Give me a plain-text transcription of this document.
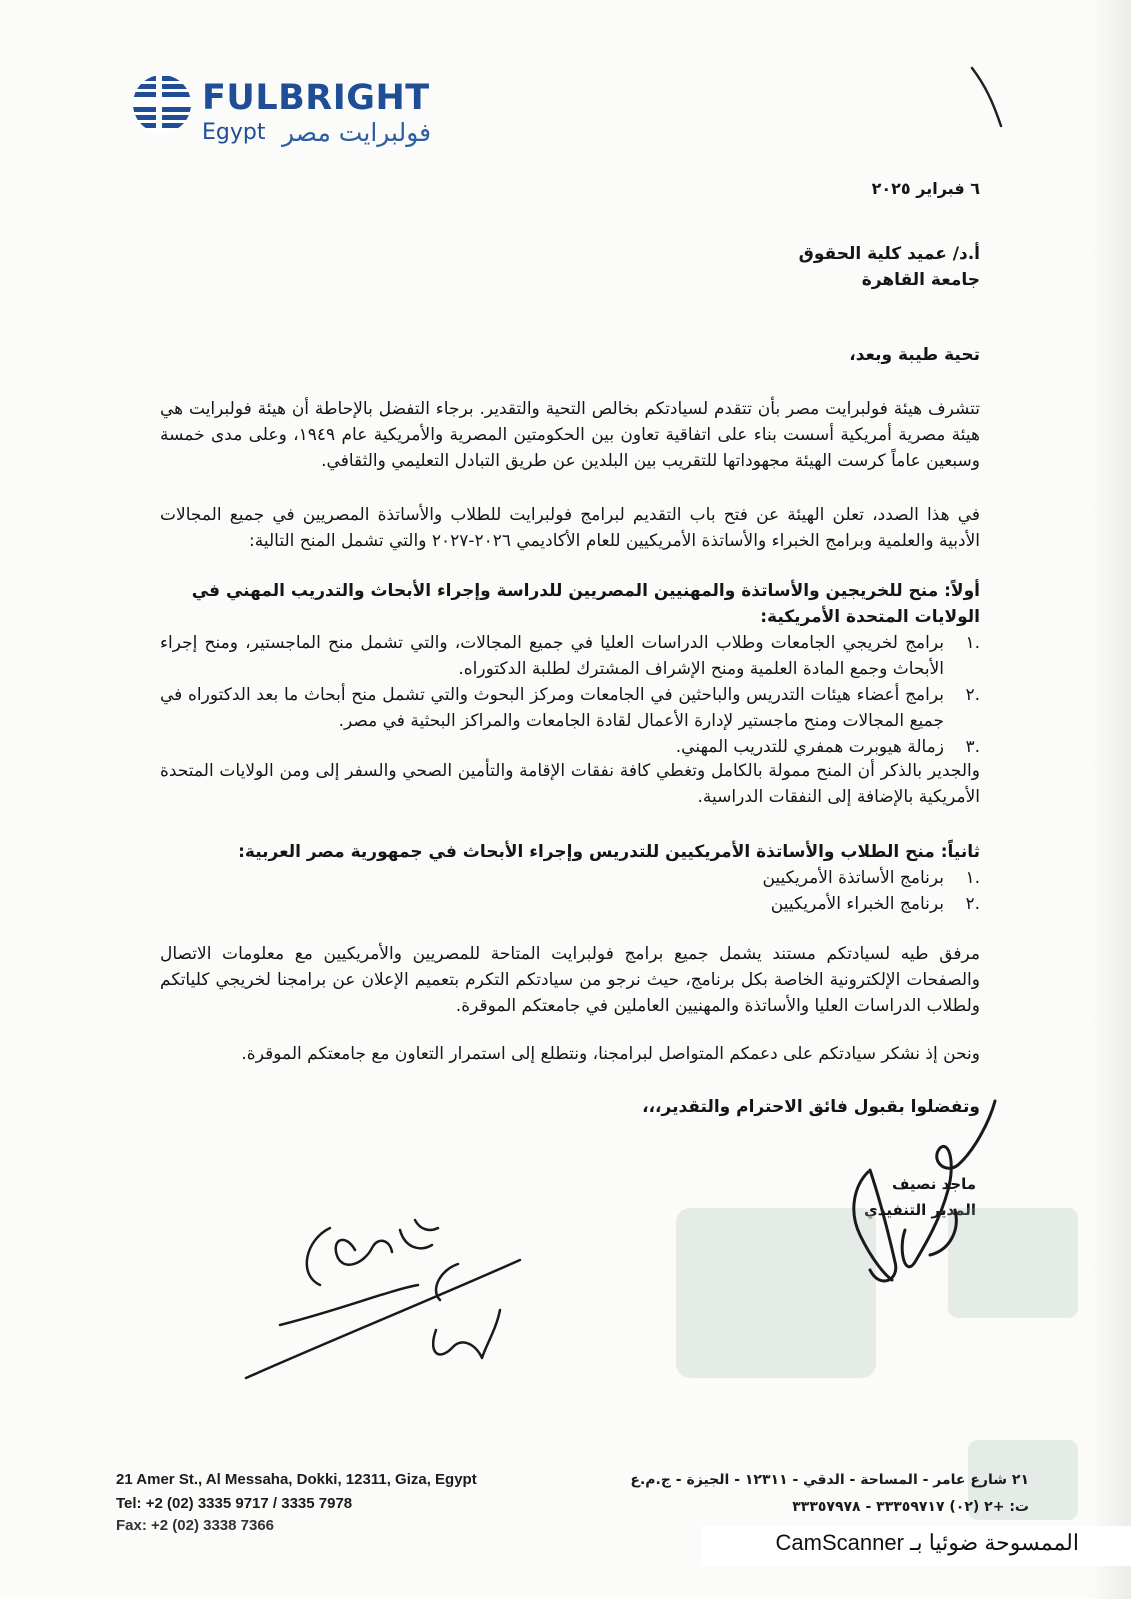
FULBRIGHT
Egypt فولبرايت مصر
٦ فبراير ٢٠٢٥
أ.د/ عميد كلية الحقوق
جامعة القاهرة
تحية طيبة وبعد،
تتشرف هيئة فولبرايت مصر بأن تتقدم لسيادتكم بخالص التحية والتقدير. برجاء التفضل بالإحاطة أن هيئة فولبرايت هي هيئة مصرية أمريكية أسست بناء على اتفاقية تعاون بين الحكومتين المصرية والأمريكية عام ١٩٤٩، وعلى مدى خمسة وسبعين عاماً كرست الهيئة مجهوداتها للتقريب بين البلدين عن طريق التبادل التعليمي والثقافي.
في هذا الصدد، تعلن الهيئة عن فتح باب التقديم لبرامج فولبرايت للطلاب والأساتذة المصريين في جميع المجالات الأدبية والعلمية وبرامج الخبراء والأساتذة الأمريكيين للعام الأكاديمي ٢٠٢٦-٢٠٢٧ والتي تشمل المنح التالية:
أولاً: منح للخريجين والأساتذة والمهنيين المصريين للدراسة وإجراء الأبحاث والتدريب المهني في الولايات المتحدة الأمريكية:
.١
برامج لخريجي الجامعات وطلاب الدراسات العليا في جميع المجالات، والتي تشمل منح الماجستير، ومنح إجراء الأبحاث وجمع المادة العلمية ومنح الإشراف المشترك لطلبة الدكتوراه.
.٢
برامج أعضاء هيئات التدريس والباحثين في الجامعات ومركز البحوث والتي تشمل منح أبحاث ما بعد الدكتوراه في جميع المجالات ومنح ماجستير لإدارة الأعمال لقادة الجامعات والمراكز البحثية في مصر.
.٣
زمالة هيوبرت همفري للتدريب المهني.
والجدير بالذكر أن المنح ممولة بالكامل وتغطي كافة نفقات الإقامة والتأمين الصحي والسفر إلى ومن الولايات المتحدة الأمريكية بالإضافة إلى النفقات الدراسية.
ثانياً: منح الطلاب والأساتذة الأمريكيين للتدريس وإجراء الأبحاث في جمهورية مصر العربية:
.١
برنامج الأساتذة الأمريكيين
.٢
برنامج الخبراء الأمريكيين
مرفق طيه لسيادتكم مستند يشمل جميع برامج فولبرايت المتاحة للمصريين والأمريكيين مع معلومات الاتصال والصفحات الإلكترونية الخاصة بكل برنامج، حيث نرجو من سيادتكم التكرم بتعميم الإعلان عن برامجنا لخريجي كلياتكم ولطلاب الدراسات العليا والأساتذة والمهنيين العاملين في جامعتكم الموقرة.
ونحن إذ نشكر سيادتكم على دعمكم المتواصل لبرامجنا، ونتطلع إلى استمرار التعاون مع جامعتكم الموقرة.
وتفضلوا بقبول فائق الاحترام والتقدير،،،
ماجد نصيف
المدير التنفيذي
21 Amer St., Al Messaha, Dokki, 12311, Giza, Egypt
Tel: +2 (02) 3335 9717 / 3335 7978
٢١ شارع عامر - المساحة - الدقي - ١٢٣١١ - الجيزة - ج.م.ع
ت: +٢ (٠٢) ٣٣٣٥٩٧١٧ - ٣٣٣٥٧٩٧٨
الممسوحة ضوئيا بـ CamScanner
